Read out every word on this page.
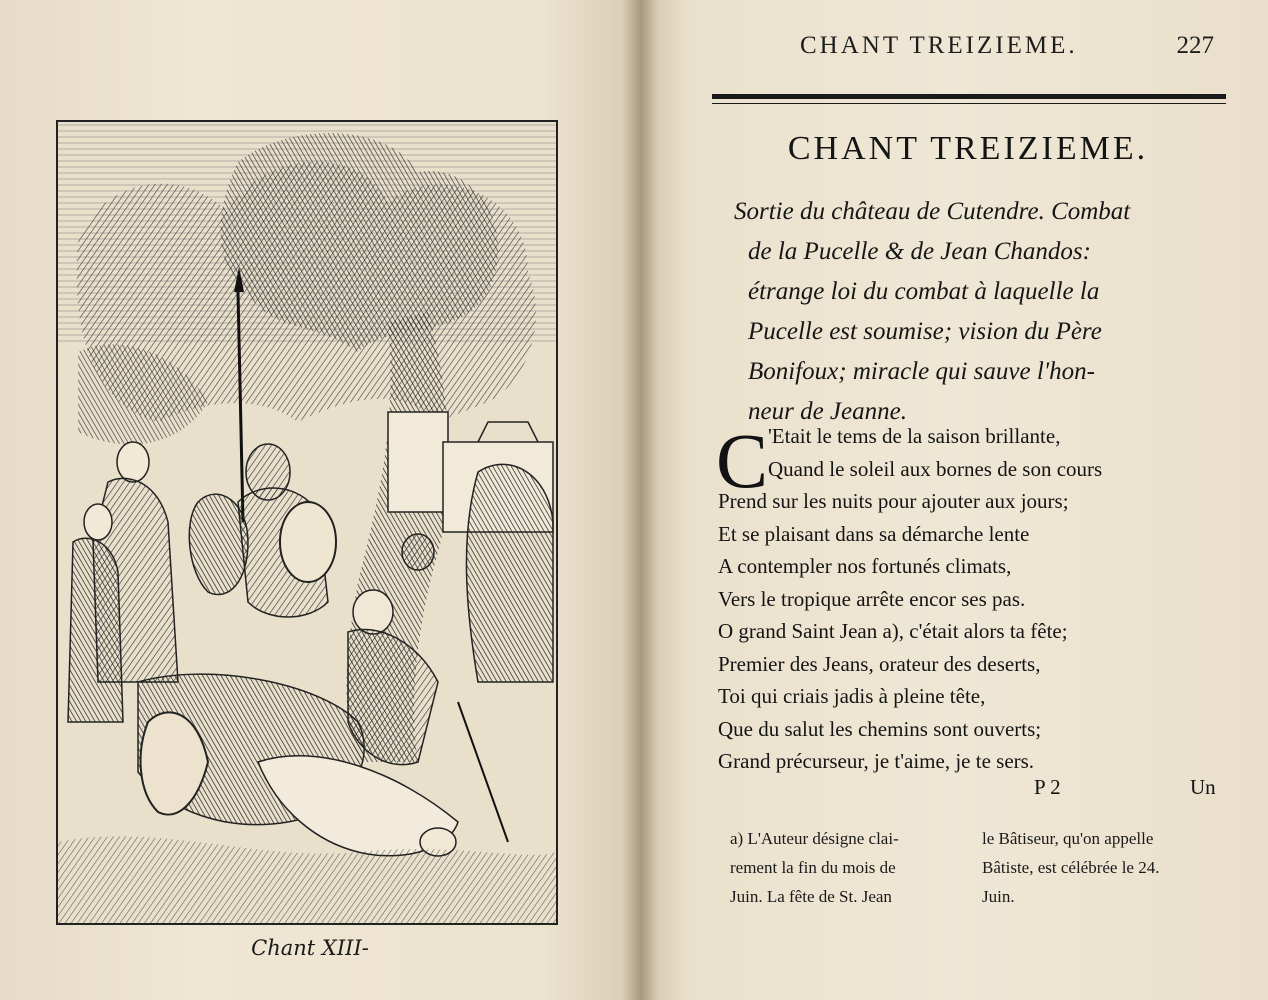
Chant XIII-
CHANT TREIZIEME.	227
CHANT TREIZIEME.
Sortie du château de Cutendre. Combat
de la Pucelle & de Jean Chandos:
étrange loi du combat à laquelle la
Pucelle est soumise; vision du Père
Bonifoux; miracle qui sauve l'hon-
neur de Jeanne.
C 'Etait le tems de la saison brillante,
Quand le soleil aux bornes de son cours
Prend sur les nuits pour ajouter aux jours;
Et se plaisant dans sa démarche lente
A contempler nos fortunés climats,
Vers le tropique arrête encor ses pas.
O grand Saint Jean a), c'était alors ta fête;
Premier des Jeans, orateur des deserts,
Toi qui criais jadis à pleine tête,
Que du salut les chemins sont ouverts;
Grand précurseur, je t'aime, je te sers.
P 2	Un
a) L'Auteur désigne clai-
rement la fin du mois de
Juin. La fête de St. Jean
le Bâtiseur, qu'on appelle
Bâtiste, est célébrée le 24.
Juin.
